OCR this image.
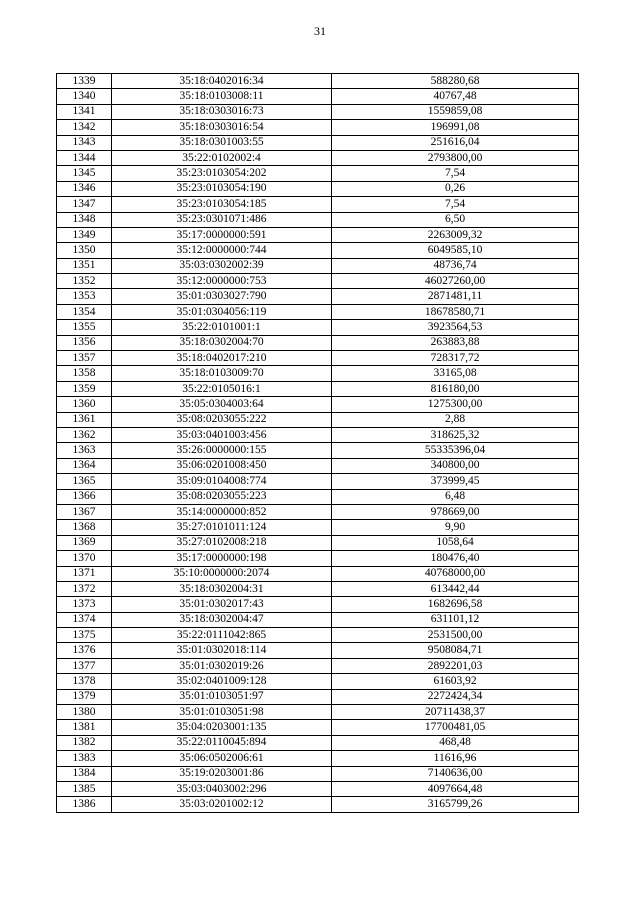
31
1339	35:18:0402016:34	588280,68
1340	35:18:0103008:11	40767,48
1341	35:18:0303016:73	1559859,08
1342	35:18:0303016:54	196991,08
1343	35:18:0301003:55	251616,04
1344	35:22:0102002:4	2793800,00
1345	35:23:0103054:202	7,54
1346	35:23:0103054:190	0,26
1347	35:23:0103054:185	7,54
1348	35:23:0301071:486	6,50
1349	35:17:0000000:591	2263009,32
1350	35:12:0000000:744	6049585,10
1351	35:03:0302002:39	48736,74
1352	35:12:0000000:753	46027260,00
1353	35:01:0303027:790	2871481,11
1354	35:01:0304056:119	18678580,71
1355	35:22:0101001:1	3923564,53
1356	35:18:0302004:70	263883,88
1357	35:18:0402017:210	728317,72
1358	35:18:0103009:70	33165,08
1359	35:22:0105016:1	816180,00
1360	35:05:0304003:64	1275300,00
1361	35:08:0203055:222	2,88
1362	35:03:0401003:456	318625,32
1363	35:26:0000000:155	55335396,04
1364	35:06:0201008:450	340800,00
1365	35:09:0104008:774	373999,45
1366	35:08:0203055:223	6,48
1367	35:14:0000000:852	978669,00
1368	35:27:0101011:124	9,90
1369	35:27:0102008:218	1058,64
1370	35:17:0000000:198	180476,40
1371	35:10:0000000:2074	40768000,00
1372	35:18:0302004:31	613442,44
1373	35:01:0302017:43	1682696,58
1374	35:18:0302004:47	631101,12
1375	35:22:0111042:865	2531500,00
1376	35:01:0302018:114	9508084,71
1377	35:01:0302019:26	2892201,03
1378	35:02:0401009:128	61603,92
1379	35:01:0103051:97	2272424,34
1380	35:01:0103051:98	20711438,37
1381	35:04:0203001:135	17700481,05
1382	35:22:0110045:894	468,48
1383	35:06:0502006:61	11616,96
1384	35:19:0203001:86	7140636,00
1385	35:03:0403002:296	4097664,48
1386	35:03:0201002:12	3165799,26
